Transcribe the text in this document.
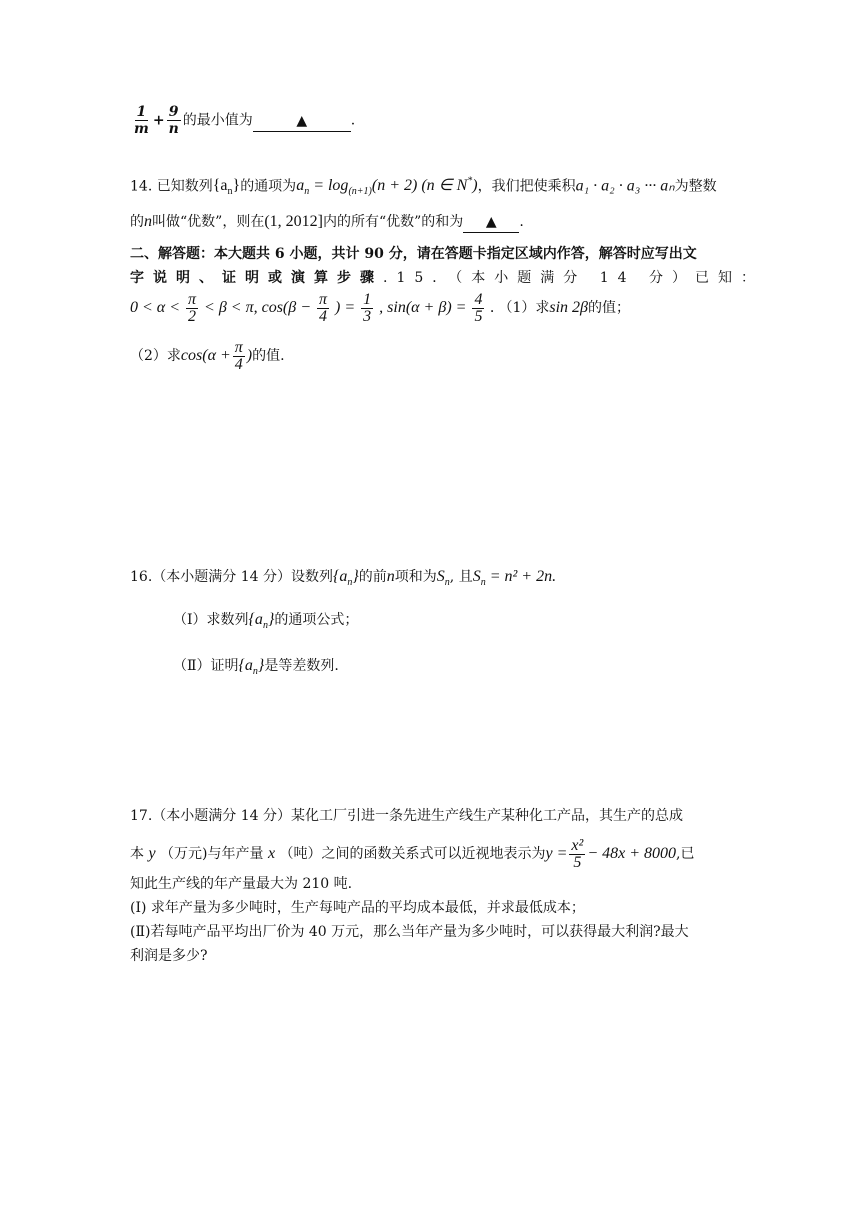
$\frac{1}{m} + \frac{9}{n}$ 的最小值为	▲	.
14. 已知数列$\{a_n\}$的通项为$a_n = \log_{(n+1)}(n + 2)$ (n ∈ N*)，我们把使乘积a₁ · a₂ · a₃ ··· aₙ为整数
的n叫做“优数”，则在(1, 2012]内的所有“优数”的和为 ▲ .
二、解答题：本大题共 6 小题，共计 90 分，请在答题卡指定区域内作答，解答时应写出文
字说明、证明或演算步骤.15．（本小题满分 14 分）已知：
$0 < \alpha < \frac{\pi}{2} < \beta < \pi$, $\cos(\beta - \frac{\pi}{4}$ ) = $\frac{1}{3}$ , $\sin(\alpha + \beta) = \frac{4}{5}$ . （1）求sin 2β的值；
（2）求$\cos(\alpha + \frac{\pi}{4}$ )的值.
16.（本小题满分 14 分）设数列$\{a_n\}$的前n项和为$S_n$, 且$S_n = n^2 + 2n$.
（Ⅰ）求数列$\{a_n\}$的通项公式；
（Ⅱ）证明$\{a_n\}$是等差数列.
17.（本小题满分 14 分）某化工厂引进一条先进生产线生产某种化工产品，其生产的总成
本 y （万元)与年产量 x （吨）之间的函数关系式可以近视地表示为$y = \frac{\text{x²}}{5} - 48x + 8000$,已
知此生产线的年产量最大为 210 吨.
(Ⅰ) 求年产量为多少吨时，生产每吨产品的平均成本最低，并求最低成本；
(Ⅱ)若每吨产品平均出厂价为 40 万元，那么当年产量为多少吨时，可以获得最大利润?最大
利润是多少?
